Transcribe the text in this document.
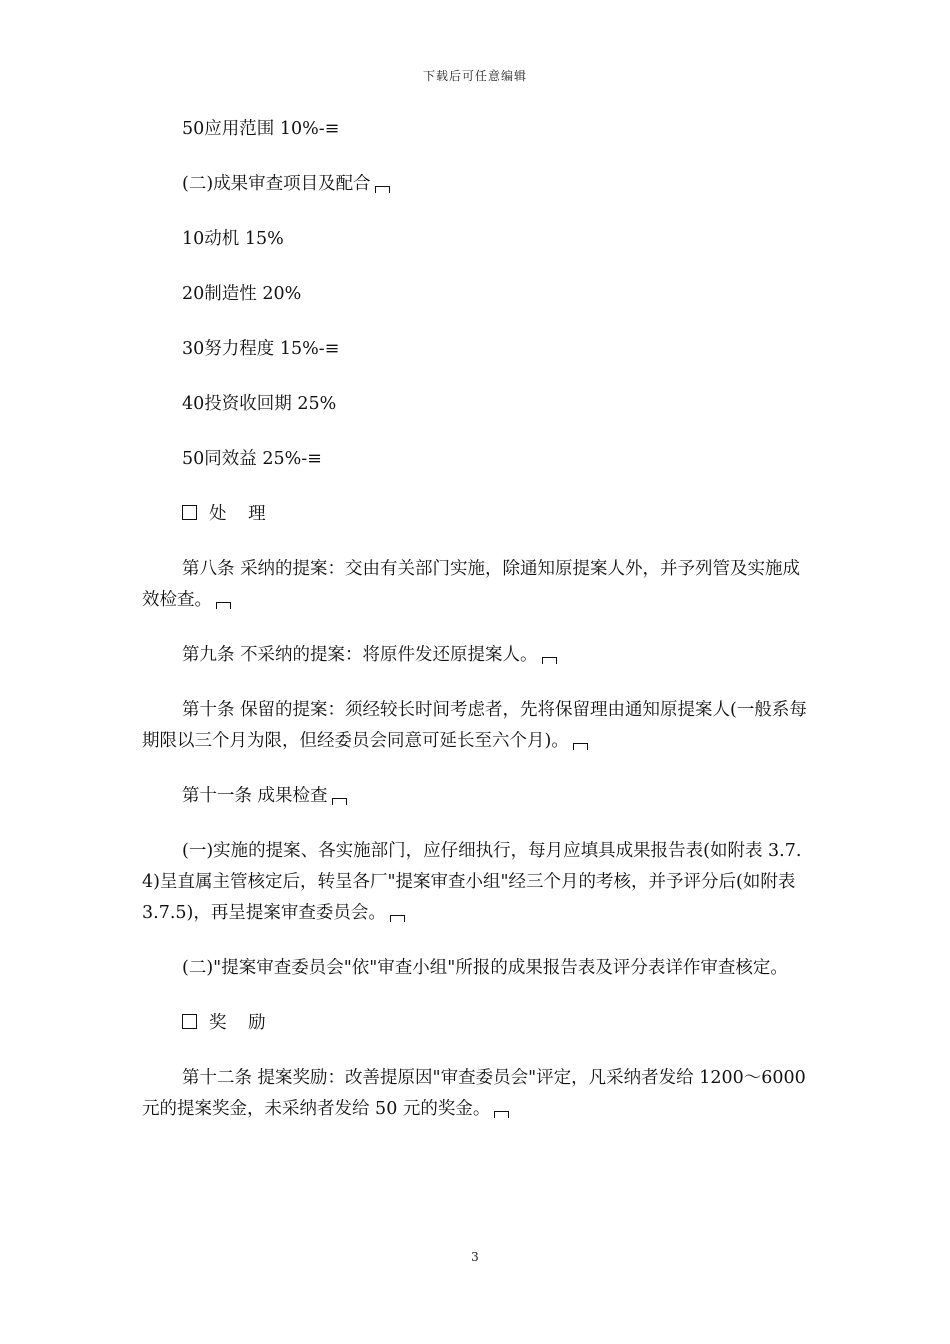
下载后可任意编辑

50应用范围 10%-≡

(二)成果审查项目及配合

10动机 15%

20制造性 20%

30努力程度 15%-≡

40投资收回期 25%

50同效益 25%-≡

处 理

第八条 采纳的提案：交由有关部门实施，除通知原提案人外，并予列管及实施成效检查。

第九条 不采纳的提案：将原件发还原提案人。

第十条 保留的提案：须经较长时间考虑者，先将保留理由通知原提案人(一般系每期限以三个月为限，但经委员会同意可延长至六个月)。

第十一条 成果检查

(一)实施的提案、各实施部门，应仔细执行，每月应填具成果报告表(如附表 3.7.4)呈直属主管核定后，转呈各厂"提案审查小组"经三个月的考核，并予评分后(如附表 3.7.5)，再呈提案审查委员会。

(二)"提案审查委员会"依"审查小组"所报的成果报告表及评分表详作审查核定。

奖 励

第十二条 提案奖励：改善提原因"审查委员会"评定，凡采纳者发给 1200～6000 元的提案奖金，未采纳者发给 50 元的奖金。

3
